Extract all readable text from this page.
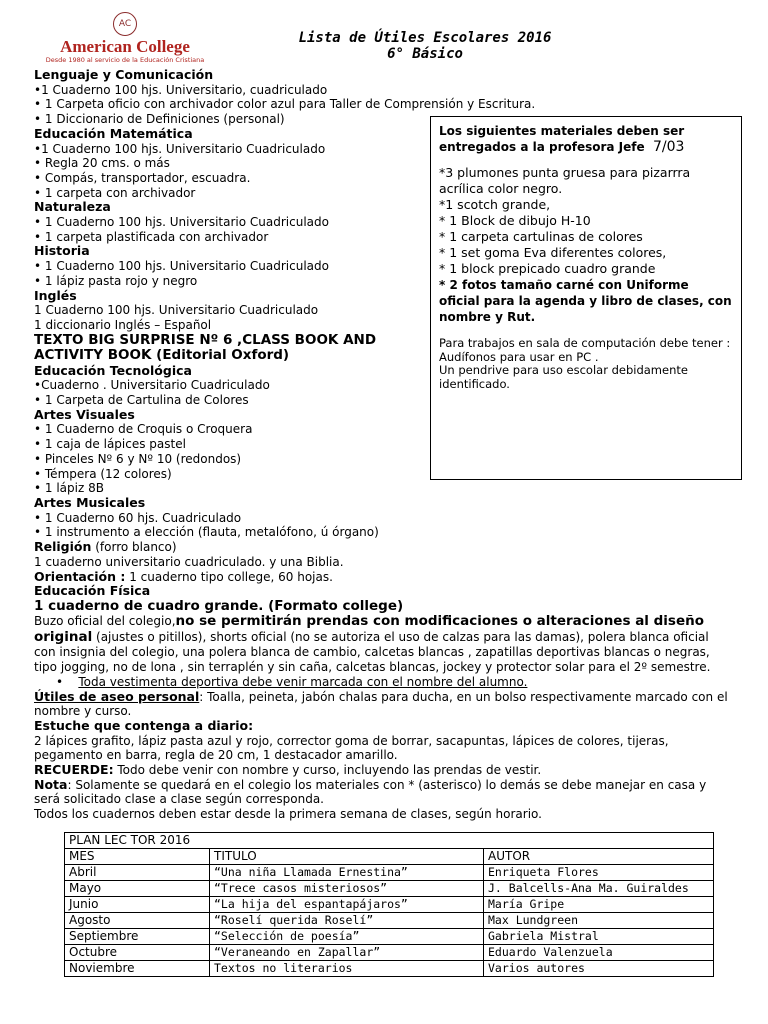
AC
American College
Desde 1980 al servicio de la Educación Cristiana
Lista de Útiles Escolares 2016
6° Básico
Lenguaje y Comunicación
•1 Cuaderno 100 hjs. Universitario, cuadriculado
• 1 Carpeta oficio con archivador color azul para Taller de Comprensión y Escritura.
• 1 Diccionario de Definiciones (personal)
Educación Matemática
•1 Cuaderno 100 hjs. Universitario Cuadriculado
• Regla 20 cms. o más
• Compás, transportador, escuadra.
• 1 carpeta con archivador
Naturaleza
• 1 Cuaderno 100 hjs. Universitario Cuadriculado
• 1 carpeta plastificada con archivador
Historia
• 1 Cuaderno 100 hjs. Universitario Cuadriculado
• 1 lápiz pasta rojo y negro
Inglés
1 Cuaderno 100 hjs. Universitario Cuadriculado
1 diccionario Inglés – Español
TEXTO BIG SURPRISE Nº 6 ,CLASS BOOK AND
ACTIVITY BOOK (Editorial Oxford)
Educación Tecnológica
•Cuaderno . Universitario Cuadriculado
• 1 Carpeta de Cartulina de Colores
Artes Visuales
• 1 Cuaderno de Croquis o Croquera
• 1 caja de lápices pastel
• Pinceles Nº 6 y Nº 10 (redondos)
• Témpera (12 colores)
• 1 lápiz 8B
Artes Musicales
• 1 Cuaderno 60 hjs. Cuadriculado
• 1 instrumento a elección (flauta, metalófono, ú órgano)
Religión (forro blanco)
1 cuaderno universitario cuadriculado. y una Biblia.
Orientación : 1 cuaderno tipo college, 60 hojas.
Educación Física
1 cuaderno de cuadro grande. (Formato college)
Buzo oficial del colegio,no se permitirán prendas con modificaciones o alteraciones al diseño original (ajustes o pitillos), shorts oficial (no se autoriza el uso de calzas para las damas), polera blanca oficial con insignia del colegio, una polera blanca de cambio, calcetas blancas , zapatillas deportivas blancas o negras, tipo jogging, no de lona , sin terraplén y sin caña, calcetas blancas, jockey y protector solar para el 2º semestre.
•    Toda vestimenta deportiva debe venir marcada con el nombre del alumno.
Útiles de aseo personal: Toalla, peineta, jabón chalas para ducha, en un bolso respectivamente marcado con el nombre y curso.
Estuche que contenga a diario:
2 lápices grafito, lápiz pasta azul y rojo, corrector goma de borrar, sacapuntas, lápices de colores, tijeras, pegamento en barra, regla de 20 cm, 1 destacador amarillo.
RECUERDE: Todo debe venir con nombre y curso, incluyendo las prendas de vestir.
Nota: Solamente se quedará en el colegio los materiales con * (asterisco) lo demás se debe manejar en casa y será solicitado clase a clase según corresponda.
Todos los cuadernos deben estar desde la primera semana de clases, según horario.
Los siguientes materiales deben ser
entregados a la profesora Jefe 7/03
*3 plumones punta gruesa para pizarrra acrílica color negro.
*1 scotch grande,
* 1 Block de dibujo H-10
* 1 carpeta cartulinas de colores
* 1 set goma Eva diferentes colores,
* 1 block prepicado cuadro grande
* 2 fotos tamaño carné con Uniforme oficial para la agenda y libro de clases, con nombre y Rut.
Para trabajos en sala de computación debe tener :
Audífonos para usar en PC .
Un pendrive para uso escolar debidamente identificado.
PLAN LEC TOR 2016		
MES	TITULO	AUTOR
Abril	“Una niña Llamada Ernestina”	Enriqueta Flores
Mayo	“Trece casos misteriosos”	J. Balcells-Ana Ma. Guiraldes
Junio	“La hija del espantapájaros”	María Gripe
Agosto	“Roselí querida Roselí”	Max Lundgreen
Septiembre	“Selección de poesía”	Gabriela Mistral
Octubre	“Veraneando en Zapallar”	Eduardo Valenzuela
Noviembre	Textos no literarios	Varios autores
